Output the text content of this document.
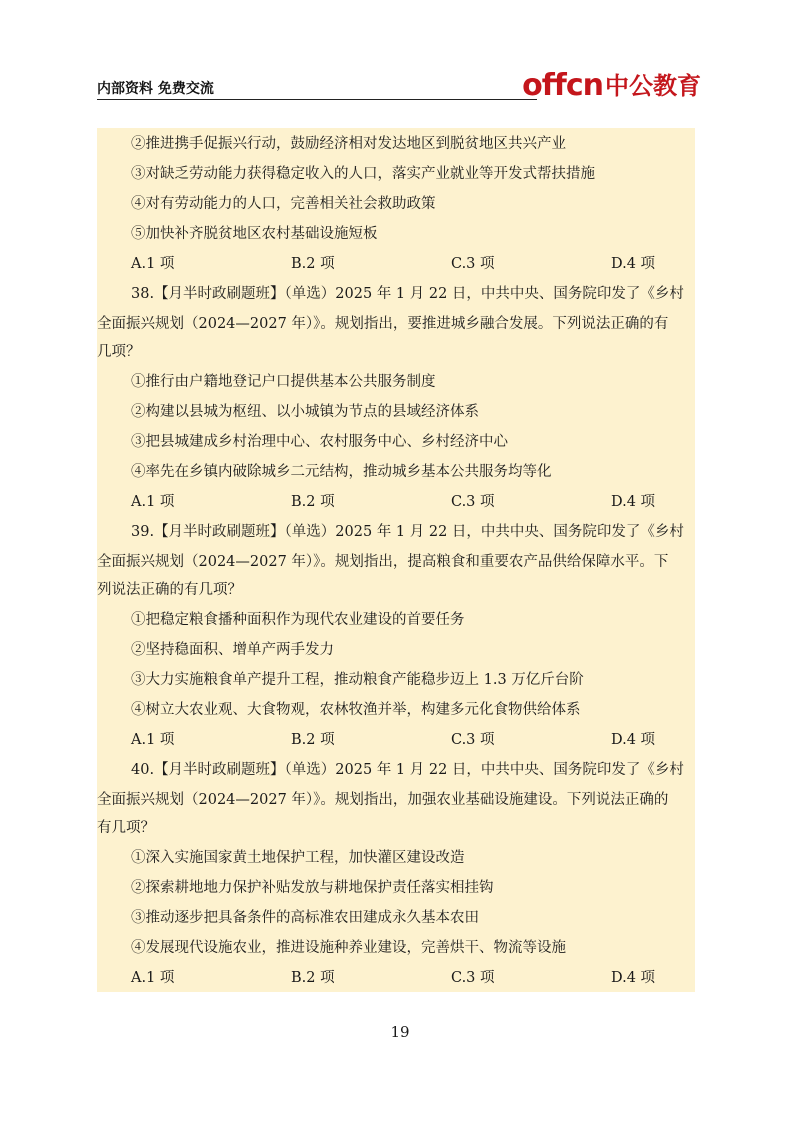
内部资料 免费交流	offcn 中公教育
②推进携手促振兴行动，鼓励经济相对发达地区到脱贫地区共兴产业
③对缺乏劳动能力获得稳定收入的人口，落实产业就业等开发式帮扶措施
④对有劳动能力的人口，完善相关社会救助政策
⑤加快补齐脱贫地区农村基础设施短板
A.1 项	B.2 项	C.3 项	D.4 项
38.【月半时政刷题班】（单选）2025 年 1 月 22 日，中共中央、国务院印发了《乡村
全面振兴规划（2024—2027 年）》。规划指出，要推进城乡融合发展。下列说法正确的有
几项？
①推行由户籍地登记户口提供基本公共服务制度
②构建以县城为枢纽、以小城镇为节点的县域经济体系
③把县城建成乡村治理中心、农村服务中心、乡村经济中心
④率先在乡镇内破除城乡二元结构，推动城乡基本公共服务均等化
A.1 项	B.2 项	C.3 项	D.4 项
39.【月半时政刷题班】（单选）2025 年 1 月 22 日，中共中央、国务院印发了《乡村
全面振兴规划（2024—2027 年）》。规划指出，提高粮食和重要农产品供给保障水平。下
列说法正确的有几项？
①把稳定粮食播种面积作为现代农业建设的首要任务
②坚持稳面积、增单产两手发力
③大力实施粮食单产提升工程，推动粮食产能稳步迈上 1.3 万亿斤台阶
④树立大农业观、大食物观，农林牧渔并举，构建多元化食物供给体系
A.1 项	B.2 项	C.3 项	D.4 项
40.【月半时政刷题班】（单选）2025 年 1 月 22 日，中共中央、国务院印发了《乡村
全面振兴规划（2024—2027 年）》。规划指出，加强农业基础设施建设。下列说法正确的
有几项？
①深入实施国家黄土地保护工程，加快灌区建设改造
②探索耕地地力保护补贴发放与耕地保护责任落实相挂钩
③推动逐步把具备条件的高标准农田建成永久基本农田
④发展现代设施农业，推进设施种养业建设，完善烘干、物流等设施
A.1 项	B.2 项	C.3 项	D.4 项
19
